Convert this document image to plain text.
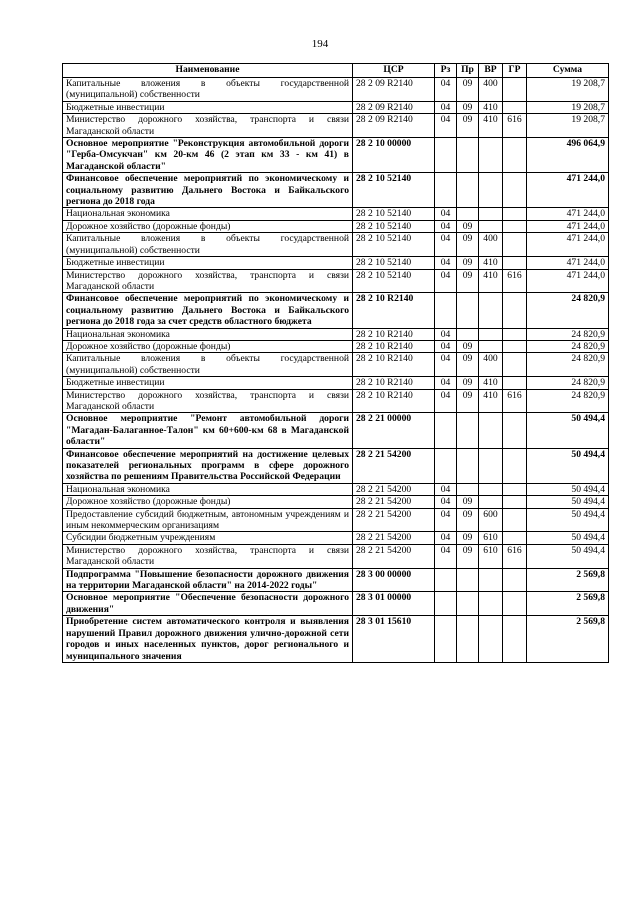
194
Наименование	ЦСР	Рз	Пр	ВР	ГР	Сумма
Капитальные вложения в объекты государственной (муниципальной) собственности	28 2 09 R2140	04	09	400		19 208,7
Бюджетные инвестиции	28 2 09 R2140	04	09	410		19 208,7
Министерство дорожного хозяйства, транспорта и связи Магаданской области	28 2 09 R2140	04	09	410	616	19 208,7
Основное мероприятие "Реконструкция автомобильной дороги "Герба-Омсукчан" км 20-км 46 (2 этап км 33 - км 41) в Магаданской области"	28 2 10 00000					496 064,9
Финансовое обеспечение мероприятий по экономическому и социальному развитию Дальнего Востока и Байкальского региона до 2018 года	28 2 10 52140					471 244,0
Национальная экономика	28 2 10 52140	04				471 244,0
Дорожное хозяйство (дорожные фонды)	28 2 10 52140	04	09			471 244,0
Капитальные вложения в объекты государственной (муниципальной) собственности	28 2 10 52140	04	09	400		471 244,0
Бюджетные инвестиции	28 2 10 52140	04	09	410		471 244,0
Министерство дорожного хозяйства, транспорта и связи Магаданской области	28 2 10 52140	04	09	410	616	471 244,0
Финансовое обеспечение мероприятий по экономическому и социальному развитию Дальнего Востока и Байкальского региона до 2018 года за счет средств областного бюджета	28 2 10 R2140					24 820,9
Национальная экономика	28 2 10 R2140	04				24 820,9
Дорожное хозяйство (дорожные фонды)	28 2 10 R2140	04	09			24 820,9
Капитальные вложения в объекты государственной (муниципальной) собственности	28 2 10 R2140	04	09	400		24 820,9
Бюджетные инвестиции	28 2 10 R2140	04	09	410		24 820,9
Министерство дорожного хозяйства, транспорта и связи Магаданской области	28 2 10 R2140	04	09	410	616	24 820,9
Основное мероприятие "Ремонт автомобильной дороги "Магадан-Балаганное-Талон" км 60+600-км 68 в Магаданской области"	28 2 21 00000					50 494,4
Финансовое обеспечение мероприятий на достижение целевых показателей региональных программ в сфере дорожного хозяйства по решениям Правительства Российской Федерации	28 2 21 54200					50 494,4
Национальная экономика	28 2 21 54200	04				50 494,4
Дорожное хозяйство (дорожные фонды)	28 2 21 54200	04	09			50 494,4
Предоставление субсидий бюджетным, автономным учреждениям и иным некоммерческим организациям	28 2 21 54200	04	09	600		50 494,4
Субсидии бюджетным учреждениям	28 2 21 54200	04	09	610		50 494,4
Министерство дорожного хозяйства, транспорта и связи Магаданской области	28 2 21 54200	04	09	610	616	50 494,4
Подпрограмма "Повышение безопасности дорожного движения на территории Магаданской области" на 2014-2022 годы"	28 3 00 00000					2 569,8
Основное мероприятие "Обеспечение безопасности дорожного движения"	28 3 01 00000					2 569,8
Приобретение систем автоматического контроля и выявления нарушений Правил дорожного движения улично-дорожной сети городов и иных населенных пунктов, дорог регионального и муниципального значения	28 3 01 15610					2 569,8
